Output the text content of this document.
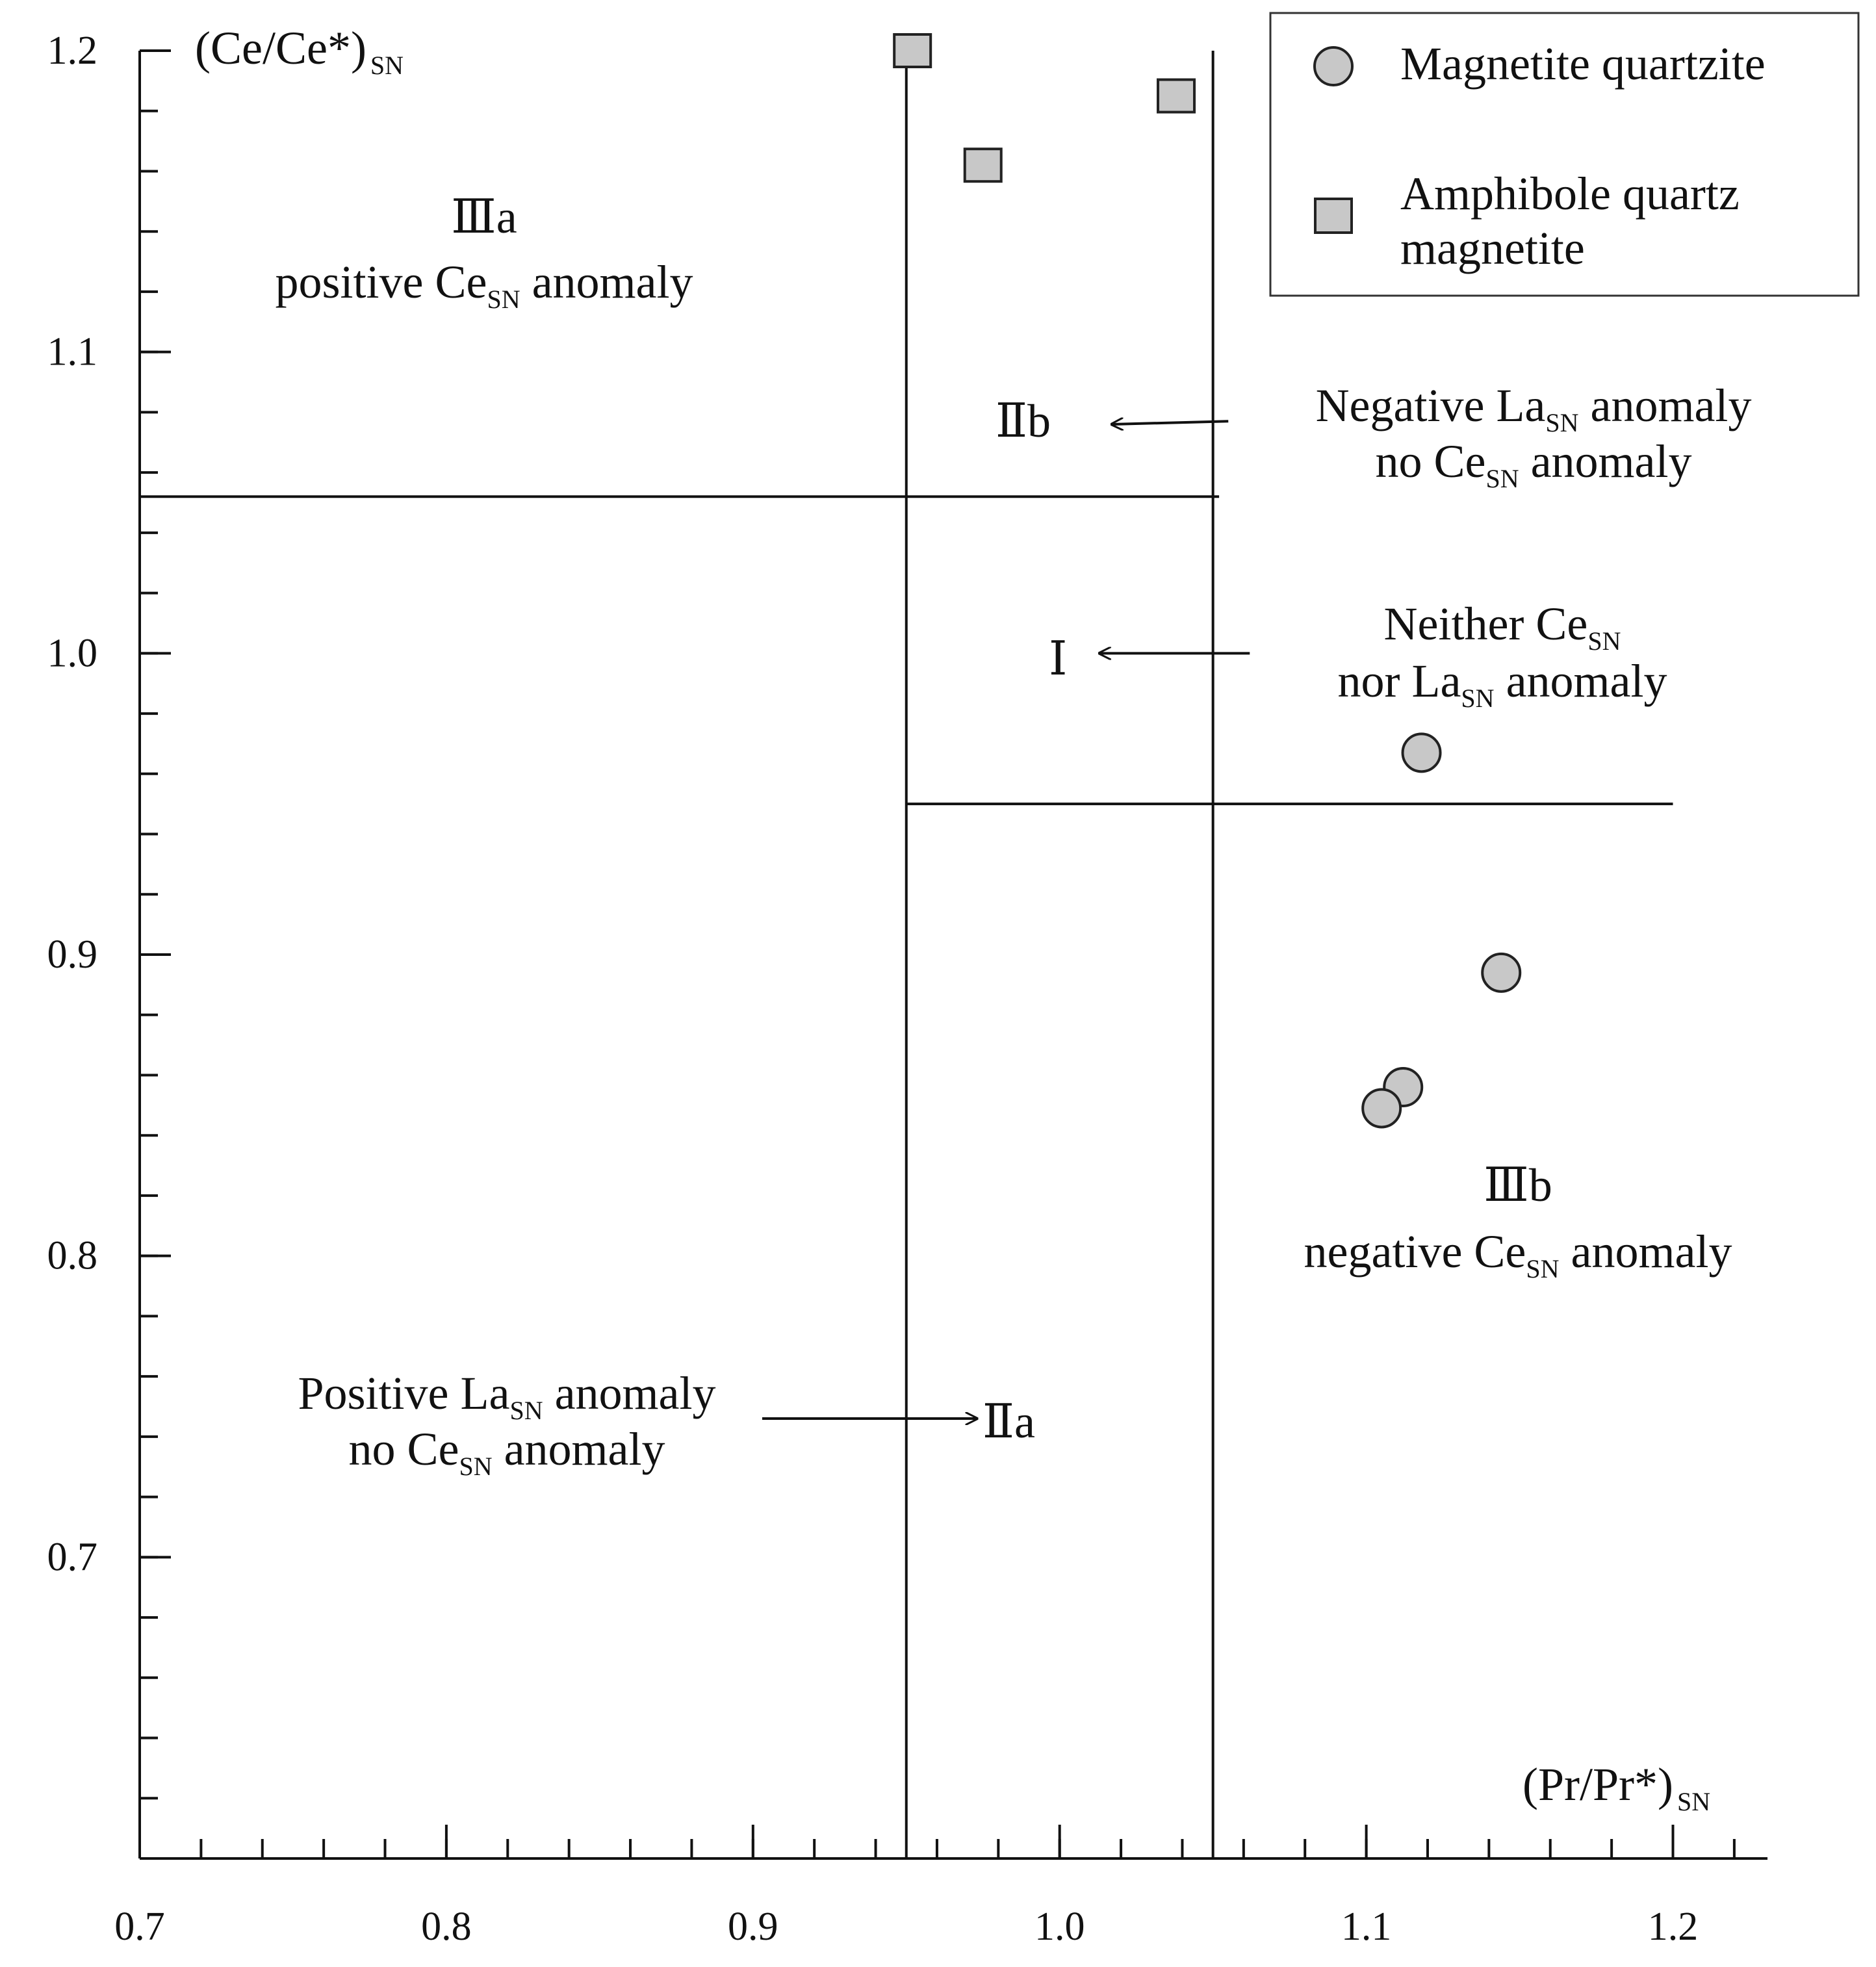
0.7	0.8	0.9	1.0	1.1	1.2
0.7
0.8
0.9
1.0
1.1
1.2 (Ce/Ce*) $_{SN}$
(Pr/Pr*) $_{SN}$
Ⅲa
positive $Ce_{SN}$ anomaly
Ⅱb
Ⅰ
Ⅱa
Ⅲb
negative $Ce_{SN}$ anomaly
Negative $La_{SN}$ anomaly
no $Ce_{SN}$ anomaly
Neither $Ce_{SN}$
nor $La_{SN}$ anomaly
Positive $La_{SN}$ anomaly
no $Ce_{SN}$ anomaly
Magnetite quartzite
Amphibole quartz
magnetite
